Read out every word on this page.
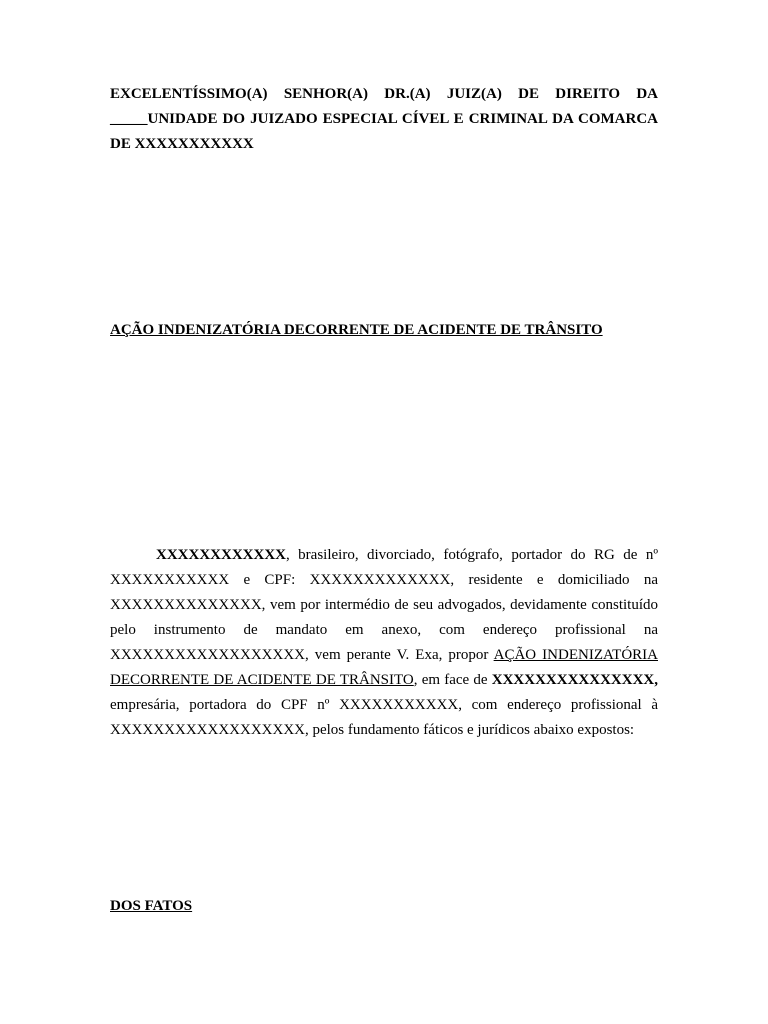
EXCELENTÍSSIMO(A) SENHOR(A) DR.(A) JUIZ(A) DE DIREITO DA _____UNIDADE DO JUIZADO ESPECIAL CÍVEL E CRIMINAL DA COMARCA DE XXXXXXXXXXX

AÇÃO INDENIZATÓRIA DECORRENTE DE ACIDENTE DE TRÂNSITO

XXXXXXXXXXXX, brasileiro, divorciado, fotógrafo, portador do RG de nº XXXXXXXXXXX e CPF: XXXXXXXXXXXXX, residente e domiciliado na XXXXXXXXXXXXXX, vem por intermédio de seu advogados, devidamente constituído pelo instrumento de mandato em anexo, com endereço profissional na XXXXXXXXXXXXXXXXXX, vem perante V. Exa, propor AÇÃO INDENIZATÓRIA DECORRENTE DE ACIDENTE DE TRÂNSITO, em face de XXXXXXXXXXXXXXX, empresária, portadora do CPF nº XXXXXXXXXXX, com endereço profissional à XXXXXXXXXXXXXXXXXX, pelos fundamento fáticos e jurídicos abaixo expostos:

DOS FATOS
